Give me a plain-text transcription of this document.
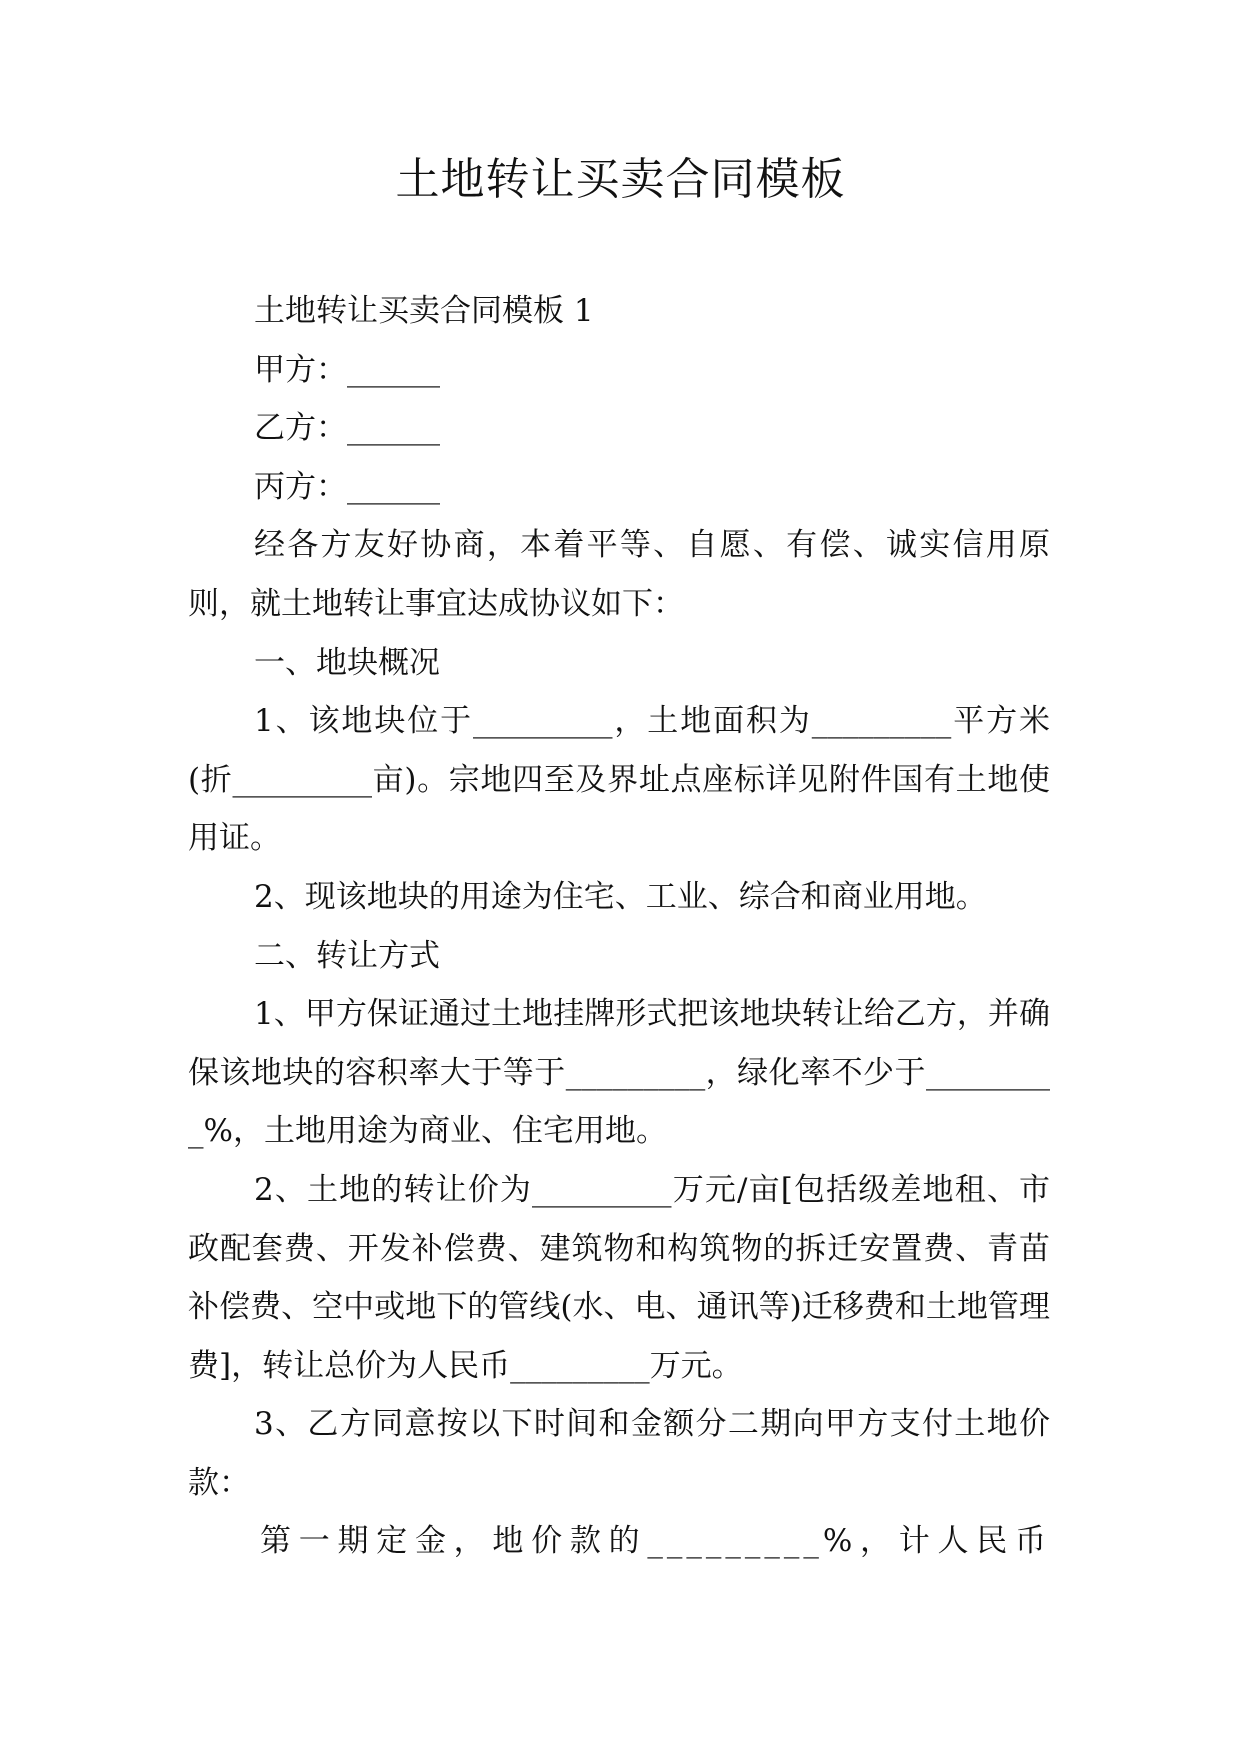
土地转让买卖合同模板

土地转让买卖合同模板 1

甲方：______

乙方：______

丙方：______

经各方友好协商，本着平等、自愿、有偿、诚实信用原则，就土地转让事宜达成协议如下：

一、地块概况

1、该地块位于_________，土地面积为_________平方米(折_________亩)。宗地四至及界址点座标详见附件国有土地使用证。

2、现该地块的用途为住宅、工业、综合和商业用地。

二、转让方式

1、甲方保证通过土地挂牌形式把该地块转让给乙方，并确保该地块的容积率大于等于_________，绿化率不少于_________%，土地用途为商业、住宅用地。

2、土地的转让价为_________万元/亩[包括级差地租、市政配套费、开发补偿费、建筑物和构筑物的拆迁安置费、青苗补偿费、空中或地下的管线(水、电、通讯等)迁移费和土地管理费]，转让总价为人民币_________万元。

3、乙方同意按以下时间和金额分二期向甲方支付土地价款：

第一期定金，地价款的_________%，计人民币
